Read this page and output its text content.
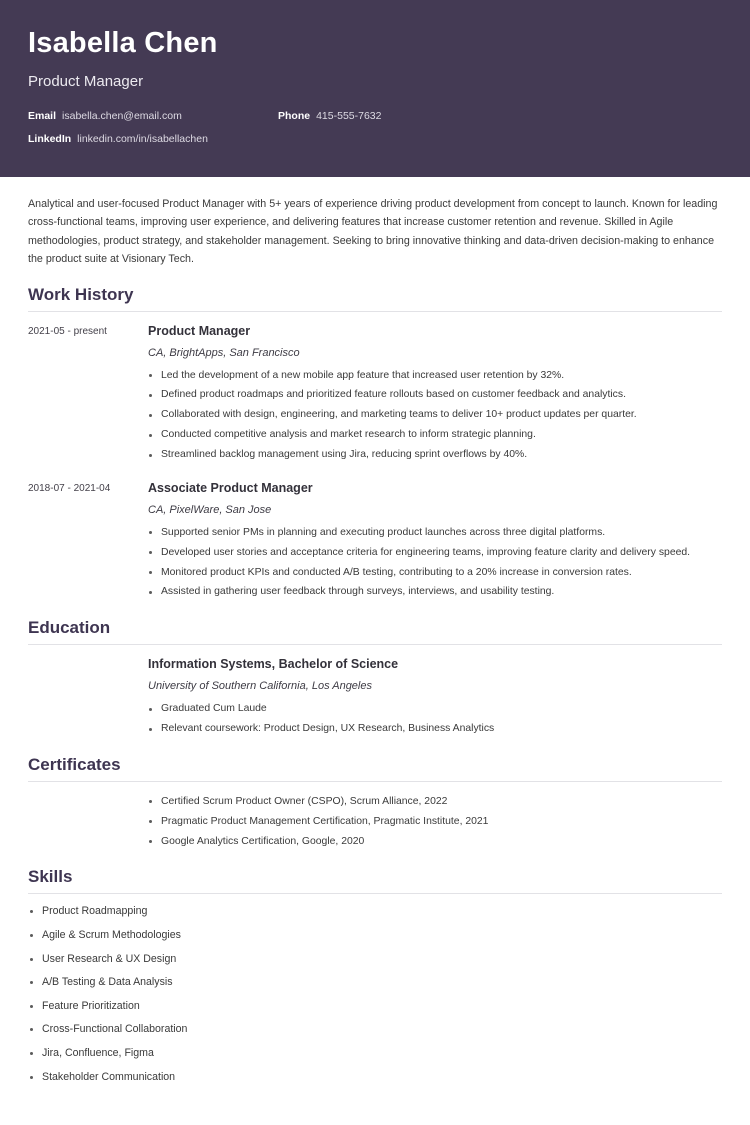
Isabella Chen
Product Manager
Email isabella.chen@email.com	Phone 415-555-7632
LinkedIn linkedin.com/in/isabellachen
Analytical and user-focused Product Manager with 5+ years of experience driving product development from concept to launch. Known for leading cross-functional teams, improving user experience, and delivering features that increase customer retention and revenue. Skilled in Agile methodologies, product strategy, and stakeholder management. Seeking to bring innovative thinking and data-driven decision-making to enhance the product suite at Visionary Tech.
Work History
2021-05 - present	Product Manager
CA, BrightApps, San Francisco
Led the development of a new mobile app feature that increased user retention by 32%.
Defined product roadmaps and prioritized feature rollouts based on customer feedback and analytics.
Collaborated with design, engineering, and marketing teams to deliver 10+ product updates per quarter.
Conducted competitive analysis and market research to inform strategic planning.
Streamlined backlog management using Jira, reducing sprint overflows by 40%.
2018-07 - 2021-04	Associate Product Manager
CA, PixelWare, San Jose
Supported senior PMs in planning and executing product launches across three digital platforms.
Developed user stories and acceptance criteria for engineering teams, improving feature clarity and delivery speed.
Monitored product KPIs and conducted A/B testing, contributing to a 20% increase in conversion rates.
Assisted in gathering user feedback through surveys, interviews, and usability testing.
Education
Information Systems, Bachelor of Science
University of Southern California, Los Angeles
Graduated Cum Laude
Relevant coursework: Product Design, UX Research, Business Analytics
Certificates
Certified Scrum Product Owner (CSPO), Scrum Alliance, 2022
Pragmatic Product Management Certification, Pragmatic Institute, 2021
Google Analytics Certification, Google, 2020
Skills
Product Roadmapping
Agile & Scrum Methodologies
User Research & UX Design
A/B Testing & Data Analysis
Feature Prioritization
Cross-Functional Collaboration
Jira, Confluence, Figma
Stakeholder Communication
